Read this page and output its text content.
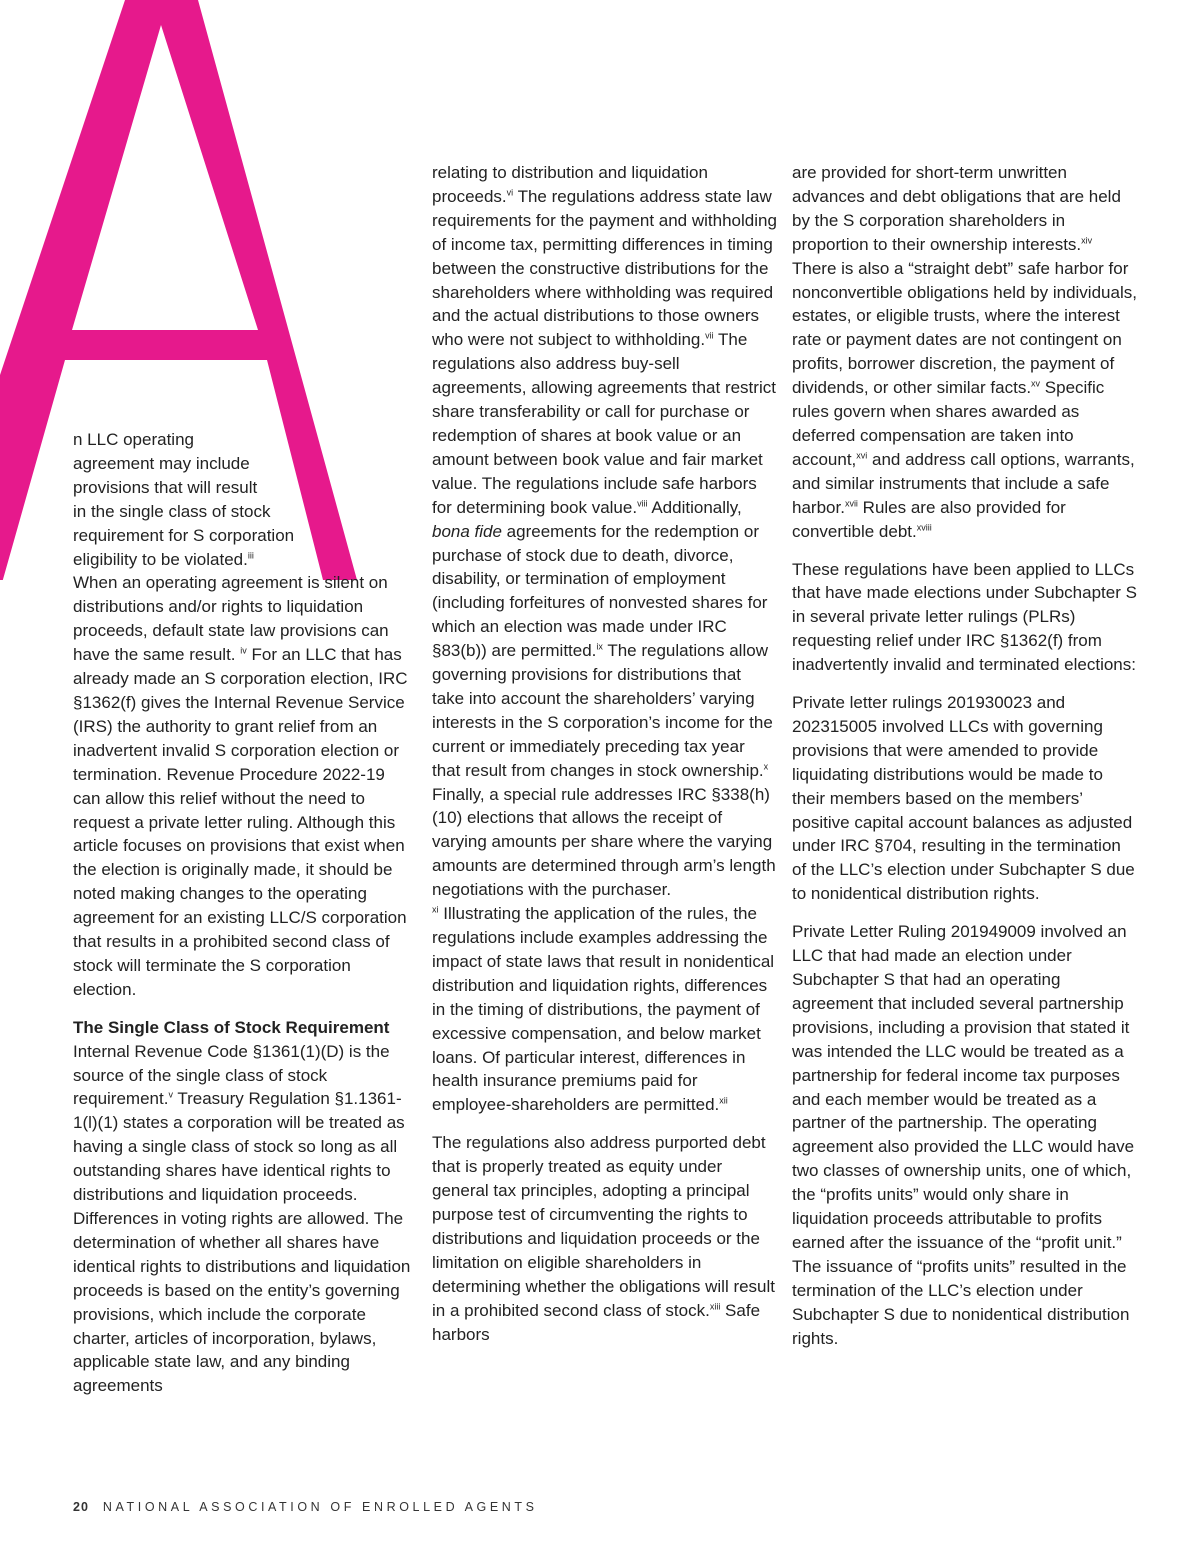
n LLC operating
agreement may include
provisions that will result
in the single class of stock
requirement for S corporation
eligibility to be violated.$^{iii}$
When an operating agreement is silent on distributions and/or rights to liquidation proceeds, default state law provisions can have the same result. $^{iv}$ For an LLC that has already made an S corporation election, IRC §1362(f) gives the Internal Revenue Service (IRS) the authority to grant relief from an inadvertent invalid S corporation election or termination. Revenue Procedure 2022-19 can allow this relief without the need to request a private letter ruling. Although this article focuses on provisions that exist when the election is originally made, it should be noted making changes to the operating agreement for an existing LLC/S corporation that results in a prohibited second class of stock will terminate the S corporation election.

The Single Class of Stock Requirement

Internal Revenue Code §1361(1)(D) is the source of the single class of stock requirement.$^v$ Treasury Regulation §1.1361-1(l)(1) states a corporation will be treated as having a single class of stock so long as all outstanding shares have identical rights to distributions and liquidation proceeds. Differences in voting rights are allowed. The determination of whether all shares have identical rights to distributions and liquidation proceeds is based on the entity’s governing provisions, which include the corporate charter, articles of incorporation, bylaws, applicable state law, and any binding agreements

relating to distribution and liquidation proceeds.$^{vi}$ The regulations address state law requirements for the payment and withholding of income tax, permitting differences in timing between the constructive distributions for the shareholders where withholding was required and the actual distributions to those owners who were not subject to withholding.$^{vii}$ The regulations also address buy-sell agreements, allowing agreements that restrict share transferability or call for purchase or redemption of shares at book value or an amount between book value and fair market value. The regulations include safe harbors for determining book value.$^{viii}$ Additionally, bona fide agreements for the redemption or purchase of stock due to death, divorce, disability, or termination of employment (including forfeitures of nonvested shares for which an election was made under IRC §83(b)) are permitted.$^{ix}$ The regulations allow governing provisions for distributions that take into account the shareholders’ varying interests in the S corporation’s income for the current or immediately preceding tax year that result from changes in stock ownership.$^x$ Finally, a special rule addresses IRC §338(h)(10) elections that allows the receipt of varying amounts per share where the varying amounts are determined through arm’s length negotiations with the purchaser.
$^{xi}$ Illustrating the application of the rules, the regulations include examples addressing the impact of state laws that result in nonidentical distribution and liquidation rights, differences in the timing of distributions, the payment of excessive compensation, and below market loans. Of particular interest, differences in health insurance premiums paid for employee-shareholders are permitted.$^{xii}$

The regulations also address purported debt that is properly treated as equity under general tax principles, adopting a principal purpose test of circumventing the rights to distributions and liquidation proceeds or the limitation on eligible shareholders in determining whether the obligations will result in a prohibited second class of stock.$^{xiii}$ Safe harbors

are provided for short-term unwritten advances and debt obligations that are held by the S corporation shareholders in proportion to their ownership interests.$^{xiv}$ There is also a “straight debt” safe harbor for nonconvertible obligations held by individuals, estates, or eligible trusts, where the interest rate or payment dates are not contingent on profits, borrower discretion, the payment of dividends, or other similar facts.$^{xv}$ Specific rules govern when shares awarded as deferred compensation are taken into account,$^{xvi}$ and address call options, warrants, and similar instruments that include a safe harbor.$^{xvii}$ Rules are also provided for convertible debt.$^{xviii}$

These regulations have been applied to LLCs that have made elections under Subchapter S in several private letter rulings (PLRs) requesting relief under IRC §1362(f) from inadvertently invalid and terminated elections:

Private letter rulings 201930023 and 202315005 involved LLCs with governing provisions that were amended to provide liquidating distributions would be made to their members based on the members’ positive capital account balances as adjusted under IRC §704, resulting in the termination of the LLC’s election under Subchapter S due to nonidentical distribution rights.

Private Letter Ruling 201949009 involved an LLC that had made an election under Subchapter S that had an operating agreement that included several partnership provisions, including a provision that stated it was intended the LLC would be treated as a partnership for federal income tax purposes and each member would be treated as a partner of the partnership. The operating agreement also provided the LLC would have two classes of ownership units, one of which, the “profits units” would only share in liquidation proceeds attributable to profits earned after the issuance of the “profit unit.” The issuance of “profits units” resulted in the termination of the LLC’s election under Subchapter S due to nonidentical distribution rights.

20 NATIONAL ASSOCIATION OF ENROLLED AGENTS
